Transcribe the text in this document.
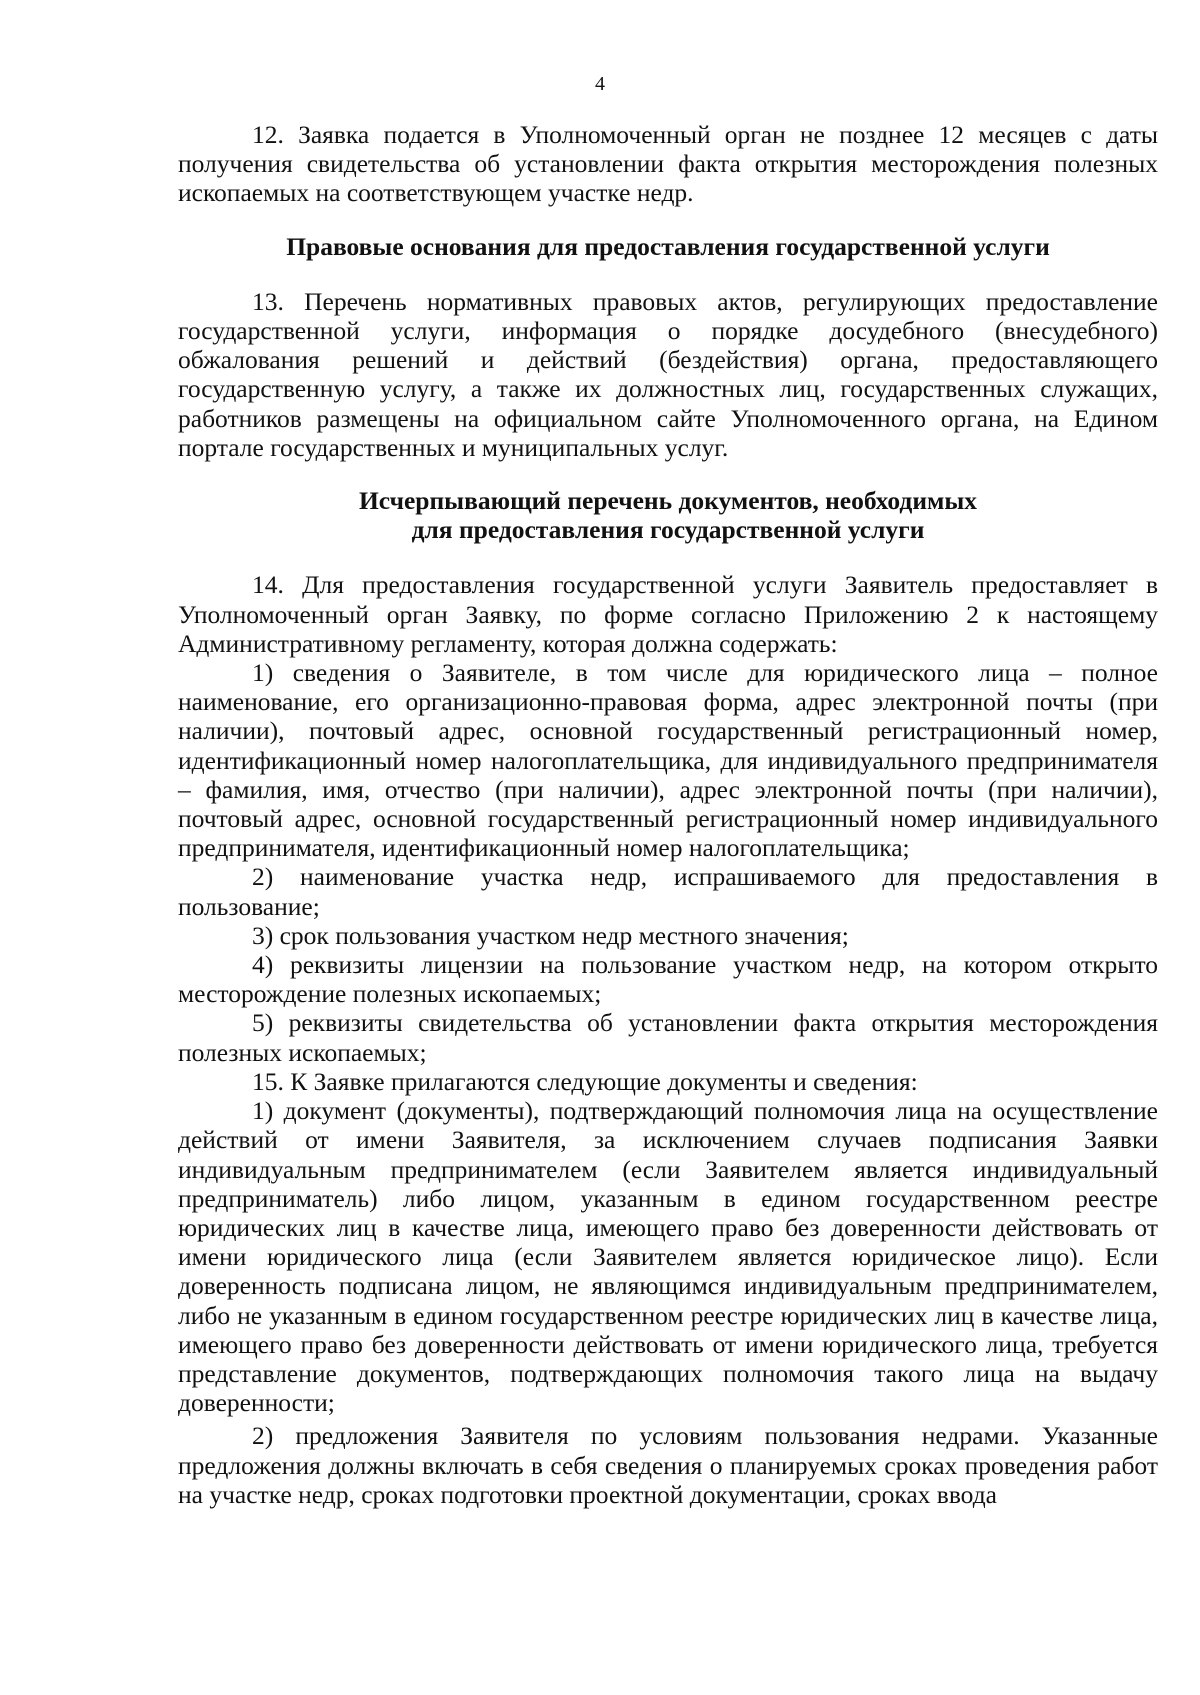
4

12. Заявка подается в Уполномоченный орган не позднее 12 месяцев с даты получения свидетельства об установлении факта открытия месторождения полезных ископаемых на соответствующем участке недр.

Правовые основания для предоставления государственной услуги

13. Перечень нормативных правовых актов, регулирующих предоставление государственной услуги, информация о порядке досудебного (внесудебного) обжалования решений и действий (бездействия) органа, предоставляющего государственную услугу, а также их должностных лиц, государственных служащих, работников размещены на официальном сайте Уполномоченного органа, на Едином портале государственных и муниципальных услуг.

Исчерпывающий перечень документов, необходимых
для предоставления государственной услуги

14. Для предоставления государственной услуги Заявитель предоставляет в Уполномоченный орган Заявку, по форме согласно Приложению 2 к настоящему Административному регламенту, которая должна содержать:

1) сведения о Заявителе, в том числе для юридического лица – полное наименование, его организационно-правовая форма, адрес электронной почты (при наличии), почтовый адрес, основной государственный регистрационный номер, идентификационный номер налогоплательщика, для индивидуального предпринимателя – фамилия, имя, отчество (при наличии), адрес электронной почты (при наличии), почтовый адрес, основной государственный регистрационный номер индивидуального предпринимателя, идентификационный номер налогоплательщика;

2) наименование участка недр, испрашиваемого для предоставления в пользование;

3) срок пользования участком недр местного значения;

4) реквизиты лицензии на пользование участком недр, на котором открыто месторождение полезных ископаемых;

5) реквизиты свидетельства об установлении факта открытия месторождения полезных ископаемых;

15. К Заявке прилагаются следующие документы и сведения:

1) документ (документы), подтверждающий полномочия лица на осуществление действий от имени Заявителя, за исключением случаев подписания Заявки индивидуальным предпринимателем (если Заявителем является индивидуальный предприниматель) либо лицом, указанным в едином государственном реестре юридических лиц в качестве лица, имеющего право без доверенности действовать от имени юридического лица (если Заявителем является юридическое лицо). Если доверенность подписана лицом, не являющимся индивидуальным предпринимателем, либо не указанным в едином государственном реестре юридических лиц в качестве лица, имеющего право без доверенности действовать от имени юридического лица, требуется представление документов, подтверждающих полномочия такого лица на выдачу доверенности;

2) предложения Заявителя по условиям пользования недрами. Указанные предложения должны включать в себя сведения о планируемых сроках проведения работ на участке недр, сроках подготовки проектной документации, сроках ввода
